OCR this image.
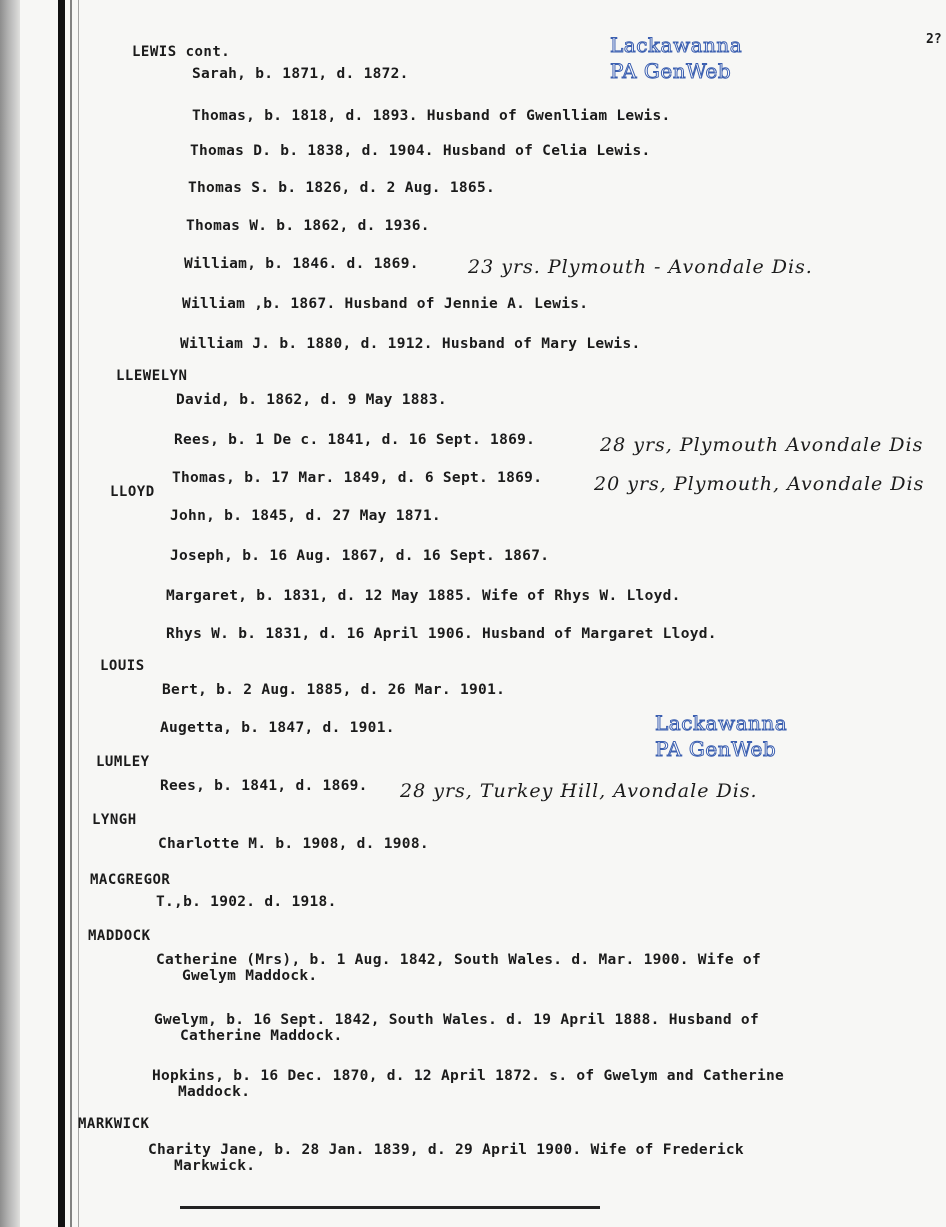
2?
Lackawanna
PA GenWeb
Lackawanna
PA GenWeb
LEWIS cont.
Sarah, b. 1871, d. 1872.
Thomas, b. 1818, d. 1893. Husband of Gwenlliam Lewis.
Thomas D. b. 1838, d. 1904. Husband of Celia Lewis.
Thomas S. b. 1826, d. 2 Aug. 1865.
Thomas W. b. 1862, d. 1936.
William, b. 1846. d. 1869.	23 yrs. Plymouth - Avondale Dis.
William ,b. 1867. Husband of Jennie A. Lewis.
William J. b. 1880, d. 1912. Husband of Mary Lewis.
LLEWELYN
David, b. 1862, d. 9 May 1883.
Rees, b. 1 De c. 1841, d. 16 Sept. 1869.	28 yrs, Plymouth Avondale Dis
LLOYD
Thomas, b. 17 Mar. 1849, d. 6 Sept. 1869.	20 yrs, Plymouth, Avondale Dis
John, b. 1845, d. 27 May 1871.
Joseph, b. 16 Aug. 1867, d. 16 Sept. 1867.
Margaret, b. 1831, d. 12 May 1885. Wife of Rhys W. Lloyd.
Rhys W. b. 1831, d. 16 April 1906. Husband of Margaret Lloyd.
LOUIS
Bert, b. 2 Aug. 1885, d. 26 Mar. 1901.
Augetta, b. 1847, d. 1901.
LUMLEY
Rees, b. 1841, d. 1869. 28 yrs, Turkey Hill, Avondale Dis.
LYNGH
Charlotte M. b. 1908, d. 1908.
MACGREGOR
T.,b. 1902. d. 1918.
MADDOCK
Catherine (Mrs), b. 1 Aug. 1842, South Wales. d. Mar. 1900. Wife of
Gwelym Maddock.
Gwelym, b. 16 Sept. 1842, South Wales. d. 19 April 1888. Husband of
Catherine Maddock.
Hopkins, b. 16 Dec. 1870, d. 12 April 1872. s. of Gwelym and Catherine
Maddock.
MARKWICK
Charity Jane, b. 28 Jan. 1839, d. 29 April 1900. Wife of Frederick
Markwick.
